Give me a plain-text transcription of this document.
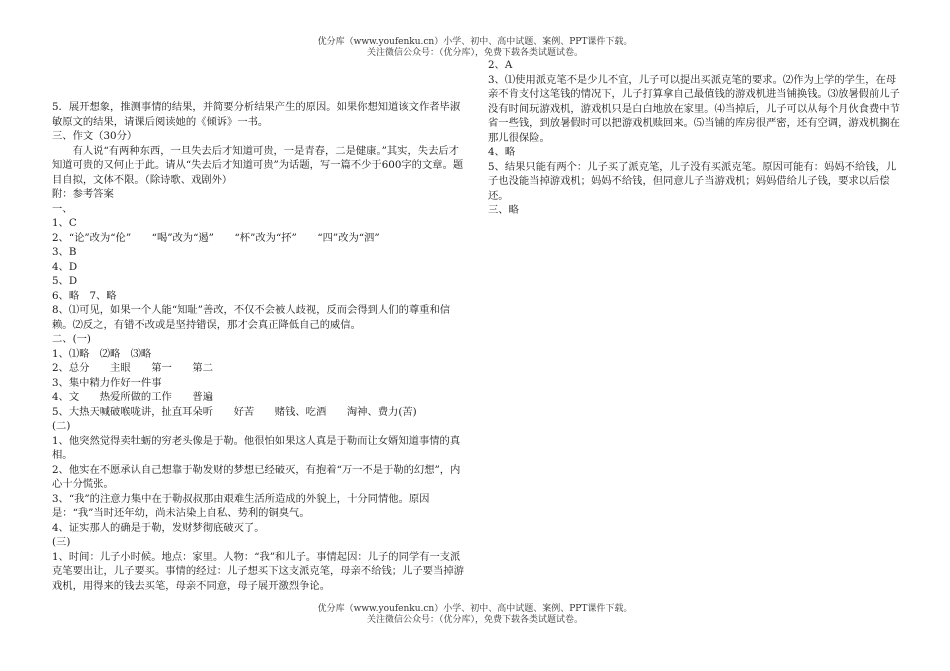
优分库（www.youfenku.cn）小学、初中、高中试题、案例、PPT课件下载。
关注微信公众号：（优分库），免费下载各类试题试卷。
5．展开想象，推测事情的结果，并简要分析结果产生的原因。如果你想知道该文作者毕淑敏原文的结果，请课后阅读她的《倾诉》一书。
三、作文（30分）
　　有人说“有两种东西，一旦失去后才知道可贵，一是青春，二是健康。”其实，失去后才知道可贵的又何止于此。请从“失去后才知道可贵”为话题，写一篇不少于600字的文章。题目自拟，文体不限。（除诗歌、戏剧外）
附：参考答案
一、
1、C
2、“论”改为“伦”　　“喝”改为“遏”　　“杯”改为“抔”　　“四”改为“泗”
3、B
4、D
5、D
6、略　7、略
8、⑴可见，如果一个人能“知耻”善改，不仅不会被人歧视，反而会得到人们的尊重和信赖。⑵反之，有错不改或是坚持错误，那才会真正降低自己的威信。
二、(一)
1、⑴略　⑵略　⑶略
2、总分　　主眼　　第一　　第二
3、集中精力作好一件事
4、文　　热爱所做的工作　　普遍
5、大热天喊破喉咙讲，扯直耳朵听　　好苦　　赌钱、吃酒　　淘神、费力(苦)
(二)
1、他突然觉得卖牡蛎的穷老头像是于勒。他很怕如果这人真是于勒而让女婿知道事情的真相。
2、他实在不愿承认自己想靠于勒发财的梦想已经破灭，有抱着“万一不是于勒的幻想”，内心十分慌张。
3、“我”的注意力集中在于勒叔叔那由艰难生活所造成的外貌上，十分同情他。原因是：“我”当时还年幼，尚未沾染上自私、势利的铜臭气。
4、证实那人的确是于勒，发财梦彻底破灭了。
(三)
1、时间：儿子小时候。地点：家里。人物：“我”和儿子。事情起因：儿子的同学有一支派克笔要出让，儿子要买。事情的经过：儿子想买下这支派克笔，母亲不给钱；儿子要当掉游戏机，用得来的钱去买笔，母亲不同意，母子展开激烈争论。
2、A
3、⑴使用派克笔不是少儿不宜，儿子可以提出买派克笔的要求。⑵作为上学的学生，在母亲不肯支付这笔钱的情况下，儿子打算拿自己最值钱的游戏机进当铺换钱。⑶放暑假前儿子没有时间玩游戏机，游戏机只是白白地放在家里。⑷当掉后，儿子可以从每个月伙食费中节省一些钱，到放暑假时可以把游戏机赎回来。⑸当铺的库房很严密，还有空调，游戏机搁在那儿很保险。
4、略
5、结果只能有两个：儿子买了派克笔，儿子没有买派克笔。原因可能有：妈妈不给钱，儿子也没能当掉游戏机；妈妈不给钱，但同意儿子当游戏机；妈妈借给儿子钱，要求以后偿还。
三、略
优分库（www.youfenku.cn）小学、初中、高中试题、案例、PPT课件下载。
关注微信公众号：（优分库），免费下载各类试题试卷。
